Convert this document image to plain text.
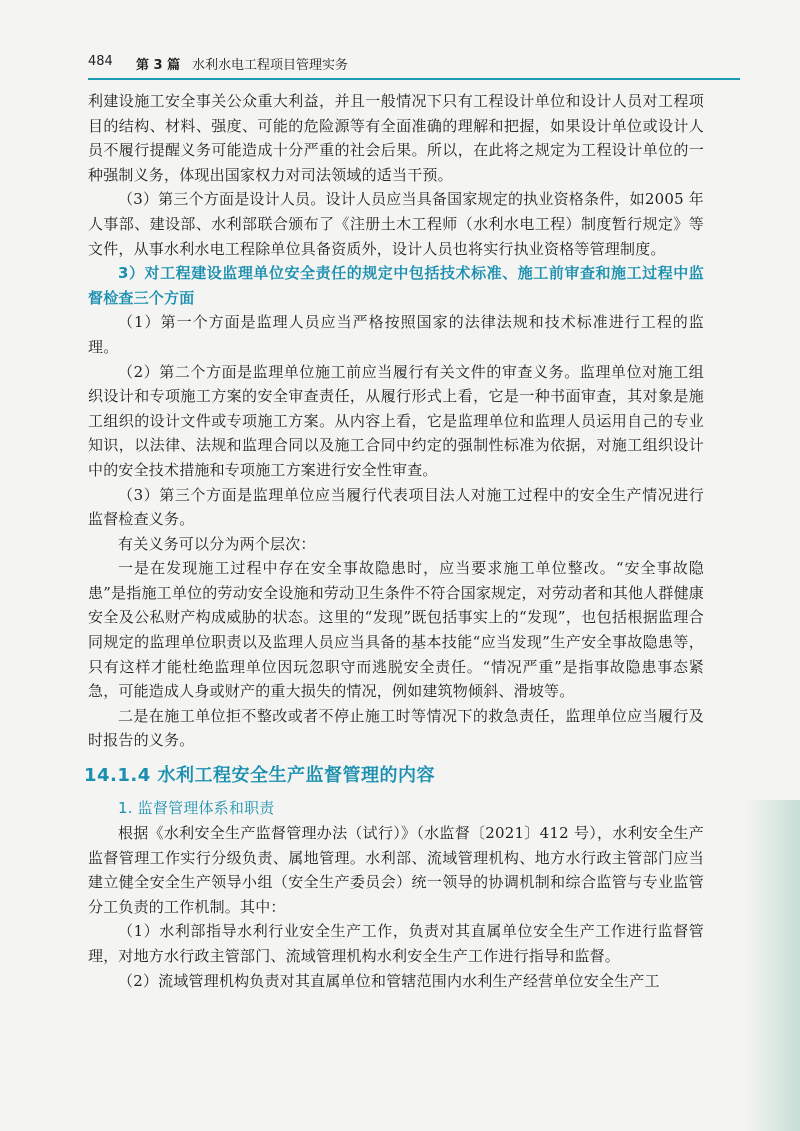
484 第 3 篇 水利水电工程项目管理实务

利建设施工安全事关公众重大利益，并且一般情况下只有工程设计单位和设计人员对工程项目的结构、材料、强度、可能的危险源等有全面准确的理解和把握，如果设计单位或设计人员不履行提醒义务可能造成十分严重的社会后果。所以，在此将之规定为工程设计单位的一种强制义务，体现出国家权力对司法领域的适当干预。

（3）第三个方面是设计人员。设计人员应当具备国家规定的执业资格条件，如2005 年人事部、建设部、水利部联合颁布了《注册土木工程师（水利水电工程）制度暂行规定》等文件，从事水利水电工程除单位具备资质外，设计人员也将实行执业资格等管理制度。

3）对工程建设监理单位安全责任的规定中包括技术标准、施工前审查和施工过程中监督检查三个方面

（1）第一个方面是监理人员应当严格按照国家的法律法规和技术标准进行工程的监理。

（2）第二个方面是监理单位施工前应当履行有关文件的审查义务。监理单位对施工组织设计和专项施工方案的安全审查责任，从履行形式上看，它是一种书面审查，其对象是施工组织的设计文件或专项施工方案。从内容上看，它是监理单位和监理人员运用自己的专业知识，以法律、法规和监理合同以及施工合同中约定的强制性标准为依据，对施工组织设计中的安全技术措施和专项施工方案进行安全性审查。

（3）第三个方面是监理单位应当履行代表项目法人对施工过程中的安全生产情况进行监督检查义务。

有关义务可以分为两个层次：

一是在发现施工过程中存在安全事故隐患时，应当要求施工单位整改。“安全事故隐患”是指施工单位的劳动安全设施和劳动卫生条件不符合国家规定，对劳动者和其他人群健康安全及公私财产构成威胁的状态。这里的“发现”既包括事实上的“发现”，也包括根据监理合同规定的监理单位职责以及监理人员应当具备的基本技能“应当发现”生产安全事故隐患等，只有这样才能杜绝监理单位因玩忽职守而逃脱安全责任。“情况严重”是指事故隐患事态紧急，可能造成人身或财产的重大损失的情况，例如建筑物倾斜、滑坡等。

二是在施工单位拒不整改或者不停止施工时等情况下的救急责任，监理单位应当履行及时报告的义务。

14.1.4 水利工程安全生产监督管理的内容
1. 监督管理体系和职责

根据《水利安全生产监督管理办法（试行）》（水监督〔2021〕412 号），水利安全生产监督管理工作实行分级负责、属地管理。水利部、流域管理机构、地方水行政主管部门应当建立健全安全生产领导小组（安全生产委员会）统一领导的协调机制和综合监管与专业监管分工负责的工作机制。其中：

（1）水利部指导水利行业安全生产工作，负责对其直属单位安全生产工作进行监督管理，对地方水行政主管部门、流域管理机构水利安全生产工作进行指导和监督。

（2）流域管理机构负责对其直属单位和管辖范围内水利生产经营单位安全生产工
